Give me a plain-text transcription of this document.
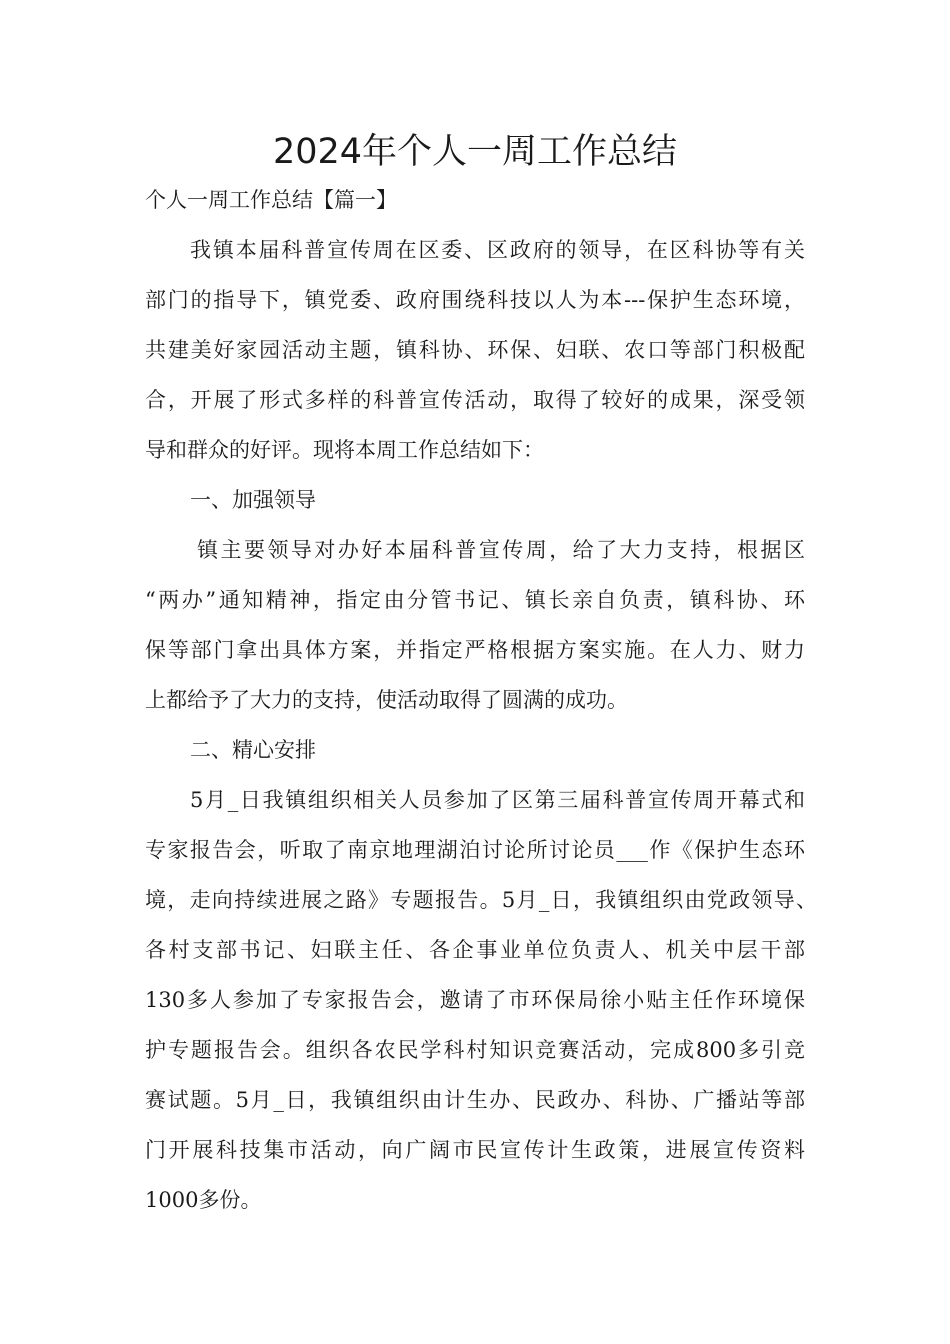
2024年个人一周工作总结
个人一周工作总结【篇一】
我镇本届科普宣传周在区委、区政府的领导，在区科协等有关
部门的指导下，镇党委、政府围绕科技以人为本---保护生态环境，
共建美好家园活动主题，镇科协、环保、妇联、农口等部门积极配
合，开展了形式多样的科普宣传活动，取得了较好的成果，深受领
导和群众的好评。现将本周工作总结如下：
一、加强领导
镇主要领导对办好本届科普宣传周，给了大力支持，根据区
“两办”通知精神，指定由分管书记、镇长亲自负责，镇科协、环
保等部门拿出具体方案，并指定严格根据方案实施。在人力、财力
上都给予了大力的支持，使活动取得了圆满的成功。
二、精心安排
5月_日我镇组织相关人员参加了区第三届科普宣传周开幕式和
专家报告会，听取了南京地理湖泊讨论所讨论员___作《保护生态环
境，走向持续进展之路》专题报告。5月_日，我镇组织由党政领导、
各村支部书记、妇联主任、各企事业单位负责人、机关中层干部
130多人参加了专家报告会，邀请了市环保局徐小贴主任作环境保
护专题报告会。组织各农民学科村知识竞赛活动，完成800多引竞
赛试题。5月_日，我镇组织由计生办、民政办、科协、广播站等部
门开展科技集市活动，向广阔市民宣传计生政策，进展宣传资料
1000多份。
